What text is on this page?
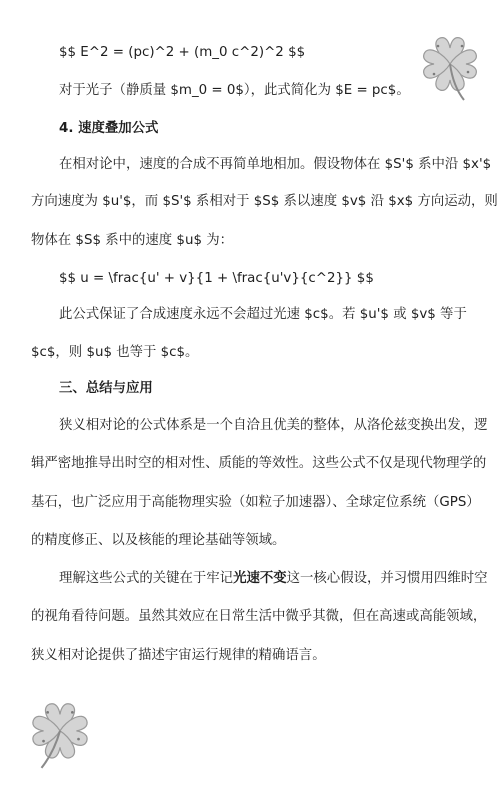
$$ E^2 = (pc)^2 + (m_0 c^2)^2 $$
对于光子（静质量 $m_0 = 0$），此式简化为 $E = pc$。
4. 速度叠加公式
在相对论中，速度的合成不再简单地相加。假设物体在 $S'$ 系中沿 $x'$
方向速度为 $u'$，而 $S'$ 系相对于 $S$ 系以速度 $v$ 沿 $x$ 方向运动，则
物体在 $S$ 系中的速度 $u$ 为：
$$ u = \frac{u' + v}{1 + \frac{u'v}{c^2}} $$
此公式保证了合成速度永远不会超过光速 $c$。若 $u'$ 或 $v$ 等于
$c$，则 $u$ 也等于 $c$。
三、总结与应用
狭义相对论的公式体系是一个自洽且优美的整体，从洛伦兹变换出发，逻
辑严密地推导出时空的相对性、质能的等效性。这些公式不仅是现代物理学的
基石，也广泛应用于高能物理实验（如粒子加速器）、全球定位系统（GPS）
的精度修正、以及核能的理论基础等领域。
理解这些公式的关键在于牢记光速不变这一核心假设，并习惯用四维时空
的视角看待问题。虽然其效应在日常生活中微乎其微，但在高速或高能领域，
狭义相对论提供了描述宇宙运行规律的精确语言。
